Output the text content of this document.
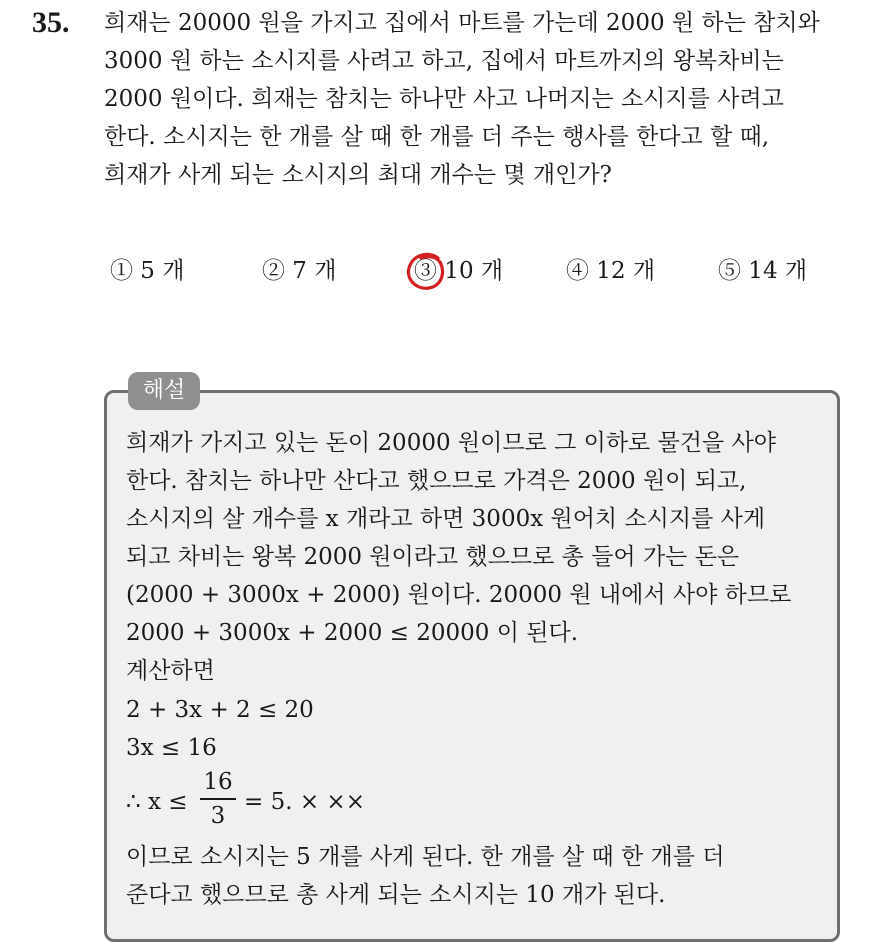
35. 희재는 20000 원을 가지고 집에서 마트를 가는데 2000 원 하는 참치와
3000 원 하는 소시지를 사려고 하고, 집에서 마트까지의 왕복차비는
2000 원이다. 희재는 참치는 하나만 사고 나머지는 소시지를 사려고
한다. 소시지는 한 개를 살 때 한 개를 더 주는 행사를 한다고 할 때,
희재가 사게 되는 소시지의 최대 개수는 몇 개인가?
① 5 개	② 7 개	③ 10 개	④ 12 개	⑤ 14 개
해설
희재가 가지고 있는 돈이 20000 원이므로 그 이하로 물건을 사야
한다. 참치는 하나만 산다고 했으므로 가격은 2000 원이 되고,
소시지의 살 개수를 x 개라고 하면 3000x 원어치 소시지를 사게
되고 차비는 왕복 2000 원이라고 했으므로 총 들어 가는 돈은
(2000 + 3000x + 2000) 원이다. 20000 원 내에서 사야 하므로
2000 + 3000x + 2000 ≤ 20000 이 된다.
계산하면
2 + 3x + 2 ≤ 20
3x ≤ 16
∴ x ≤
16
3
= 5. × ××
이므로 소시지는 5 개를 사게 된다. 한 개를 살 때 한 개를 더
준다고 했으므로 총 사게 되는 소시지는 10 개가 된다.
